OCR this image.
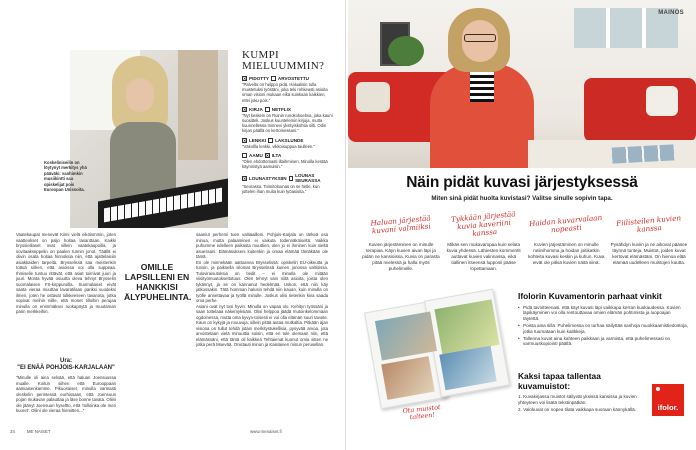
Koskeliniseilin on löytynyt merkitys yhä pääväki: vanhimkin musiikintti saa opiskelijat pois Euroopan Unissoita.
KUMPI MIELUUMMIN?
✕ PIDOTTY ARVOSTETTU
"Palveltu on helppo pidä. Halualisin tulla muistetuksi työstäni, joka teki rohkeasti asioita oman visioni mukaan eikä suinkaan kaikkien, ettei joku pois."
✕ KIRJA NETFLIX
"Nyt keskein on Ruinin runokokoelma, joka kauni suositteli. Joskus kuuntelemin kirjoja, mutta kuunnellessa minnevi yksityiskohtia silti. Odin kirjan päällä on kertomessani."
✕ LENKKI LAKSLUNDE
"Väkollla lenkki, vikkoisuppua taulleen."
AAMU ✕ ILTA
"Olen ehdottomasti iltaihminen. Minulla kestää käynnistyä aamuisin."
✕ LOUNASTYKSIIN LOUNAS SEURASSA
"Seurassa. Toimitolounas on se hetki, kun juttelen ihan muita kuin työasioita."
Vaatekaupat menevät Kiimi vielä eiköismmin, joten vaatteokset on paljo hoitaa lasanttaan. Kaikki bryssielilaset ovat sillein vaatekaupoilla, ja sovitaakseppelin on paalen tunnin jonot. Täällä ei olivin osata hoitaa hinnoksia niin, että ajattelaisiin asiakkaiden tarpeita. Brysselissä saa meistenkin tottua siihen, että asioissa voi olla suppeaa. Ihmiselle tuntuu rittävät, että asiat toimivat juuri ja juuri. Monta hyvää osuutta oleva tehnyt Brysselin suomalaisen FS-kirppuroilla. Suomalaiset eivät saata vieraa muuttaa lavaratilaan pariksi vuodeksi ilmen, joten he ostavat tulkkeeseen tavaroita, jotka sopivat meihin niille, että monet tilloihin perujaa minulla on enimmäksei ruokapöytä ja muutaman parin merkkeihin.
OMILLE LAPSILLENI EN HANKKISI ÄLYPUHELINTA.
Ura:
"EI ENÄÄ POHJOIS-KARJALAAN"
"Minulle oli aina selvää, että haluan Joensuussa mualle. Koitun siihen että Eurooppaan aamiaisenkamme. Pikuosaiset, minulla varmasti oleskelin perintessä eurhissaan, että Joensuun pojan mukavan palauttaa ja läse bonne tavata. Oliini ole jäänyt Joensuun hyseltto, että 'milloinka ole meri kuoret'. Oliini ole vieraa hiemitten..."
saaniut perhemi tuen valtiaailleni. Pohjois-Karjala on tärkeä osa minua, mutta palaaminen ei vaikuta todennäköiseltä. Vaikka puhumme edelleen paikasta muuttien, olen jo ei ihminen kuin sieltä asuessani. Elämäsukseni kuitenkin ja omaa elämää tämäkään ole tämä.
En ole minnekään aattoanna Brysselissä: opiskelin EU-oikeutta ja tunsin, ja paiksella silomat Brysselissä kuinen jonossa valtioissa. Tuloviraisutoksia on tiedit – ei minulla ole mitään viisityömuutoksettotuus. Olen tehnyt vain niitä asioita, joista olen tykännyt, ja se on kannanut hedelmää. Uskon, että niin käy jatkossakin. Tätä homman halusin tehdä niin kauan, kuin minulla on työlle annettavaa ja työllä minulle. Joskus olisi tietenkin kiva saada oma perhe.
Asiani ovat nyt tosi hyvin. Minulla on vapaa olo. Kehityn työssäni ja saan tottelaaa näkemyksiäni. Olisi helppoa jäädä mutoinkelommaan ogdoinessa, mutta oma kyvyn-toisesti ei voi olla elämän suuri tavoite. Kaun on kykyjä ja rouuvuja, sillein pitää autaa mutkaltia. Pitkään ajan visiona on tullut tehdä jotain merkitystukellisia, pysyvää arvoa, jota arvostetaan vielä minuuttia soisin, että en tule olemaan niin, että elämässäni, että tämä oli kaikkea Tehtaienat kuonut omia sitten ne jotka perä Moevää. Onistauti minun ja Kaislainen minun perusellan.
34	ME NAISET	www.menaiset.fi
MAINOS
Näin pidät kuvasi järjestyksessä
Miten sinä pidät huolta kuvistasi? Valitse sinulle sopivin tapa.
Haluan järjestää kuvani valmiiksi
Kuvien järjestäminen on minulle terapiaa. Käyn kuvien aivan läpi ja pidän ne kansioissa. Kuvia on parasta pitää mielessä ja halla myös puhelimelle.
Tykkään järjestää kuvia kaveriini kanssa
Mikäs sen mukavampaa kuin selata kuvia yhdessä. Lähiesten kommentit auttavat kuvien valinnassa, eikä tiallinen itseensä lupposii pääse lopettamaan.
Haidan kuvarvalaan nopeasti
Kuvien järjestäminen on minulle rutiinihomma ja hoidan joitikatkin kohteita kuvasi keskin ja kuhun. Kuva eivät ole pitkiä kuvien näitä siinä.
Fiilisteilen kuvien kanssa
Pysähdyn kuviin ja ne aikovat pääsee täynnä tunteja. Muistot, joiden kuvat kertovat elämästäni. On hienoa elää elämää uudelleen muistojen kautta.
Ota muistot talteen!
Ifolorin Kuvamentorin parhaat vinkit
• Pidä tavoitteenasi, että käyt kuvasi läpi vaikkapa kerran kuukaudessa. Kuvien läpikäyminen voi olla rentouttavaa omien elämän pohtimista ja luopoajan täytettä.
• Poista aina sillä. Puhelimessa on turhaa säilyttää sanhoja muokkaamistiedostoja, jotka tuumataan kuin kaitkkeja.
• Tallenna kuvat aina kahteen paikkaan ja varmista, että puhelimessasi on varmuuskopiointi päällä.
Kaksi tapaa tallentaa kuvamuistot:
1. Kuvakirjassa muistot säilyvät yksissä kansissa ja kuvien yhteyteen voi lisätä tekstinpätkän.
2. Valokuvat on nopea tilata vaikkapa suoraan kännykällä.	ifolor.
